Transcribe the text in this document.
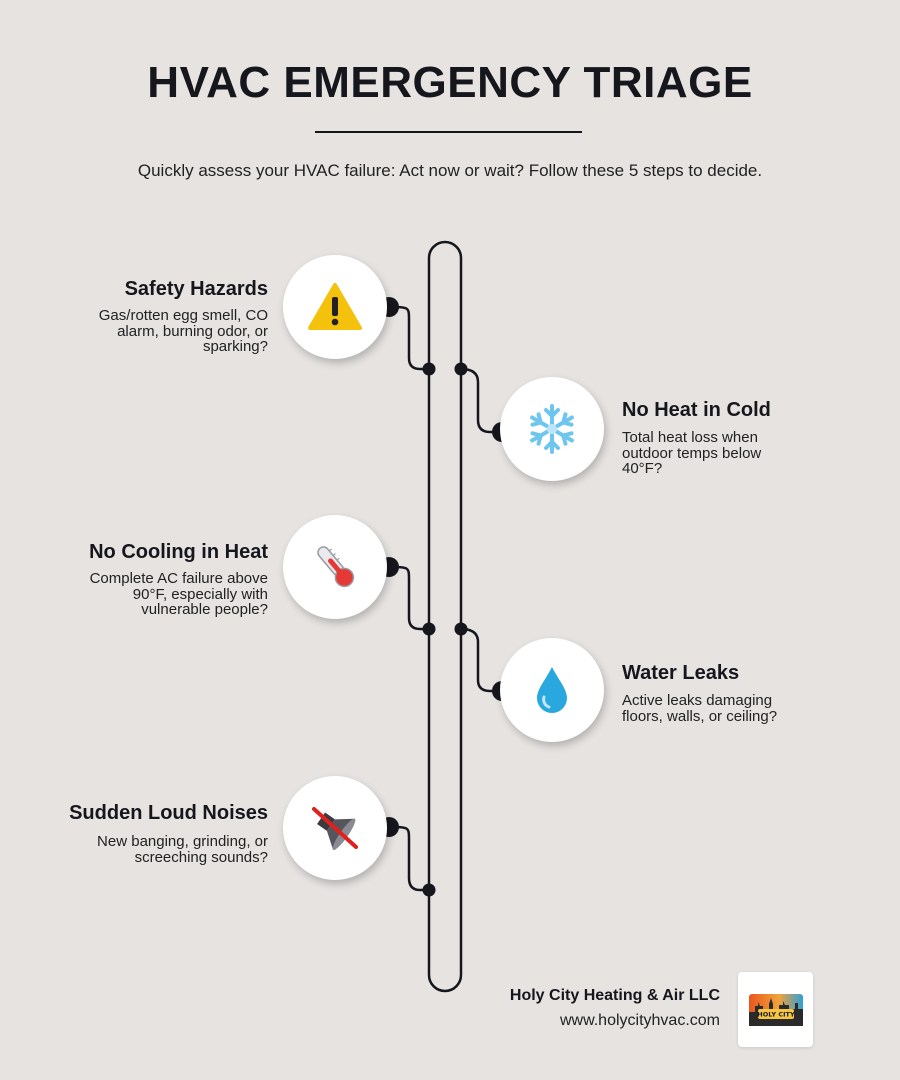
HVAC EMERGENCY TRIAGE
Quickly assess your HVAC failure: Act now or wait? Follow these 5 steps to decide.
Safety Hazards
Gas/rotten egg smell, CO
alarm, burning odor, or
sparking?
No Heat in Cold
Total heat loss when
outdoor temps below
40°F?
No Cooling in Heat
Complete AC failure above
90°F, especially with
vulnerable people?
Water Leaks
Active leaks damaging
floors, walls, or ceiling?
Sudden Loud Noises
New banging, grinding, or
screeching sounds?
Holy City Heating & Air LLC
www.holycityhvac.com	HOLY CITY
